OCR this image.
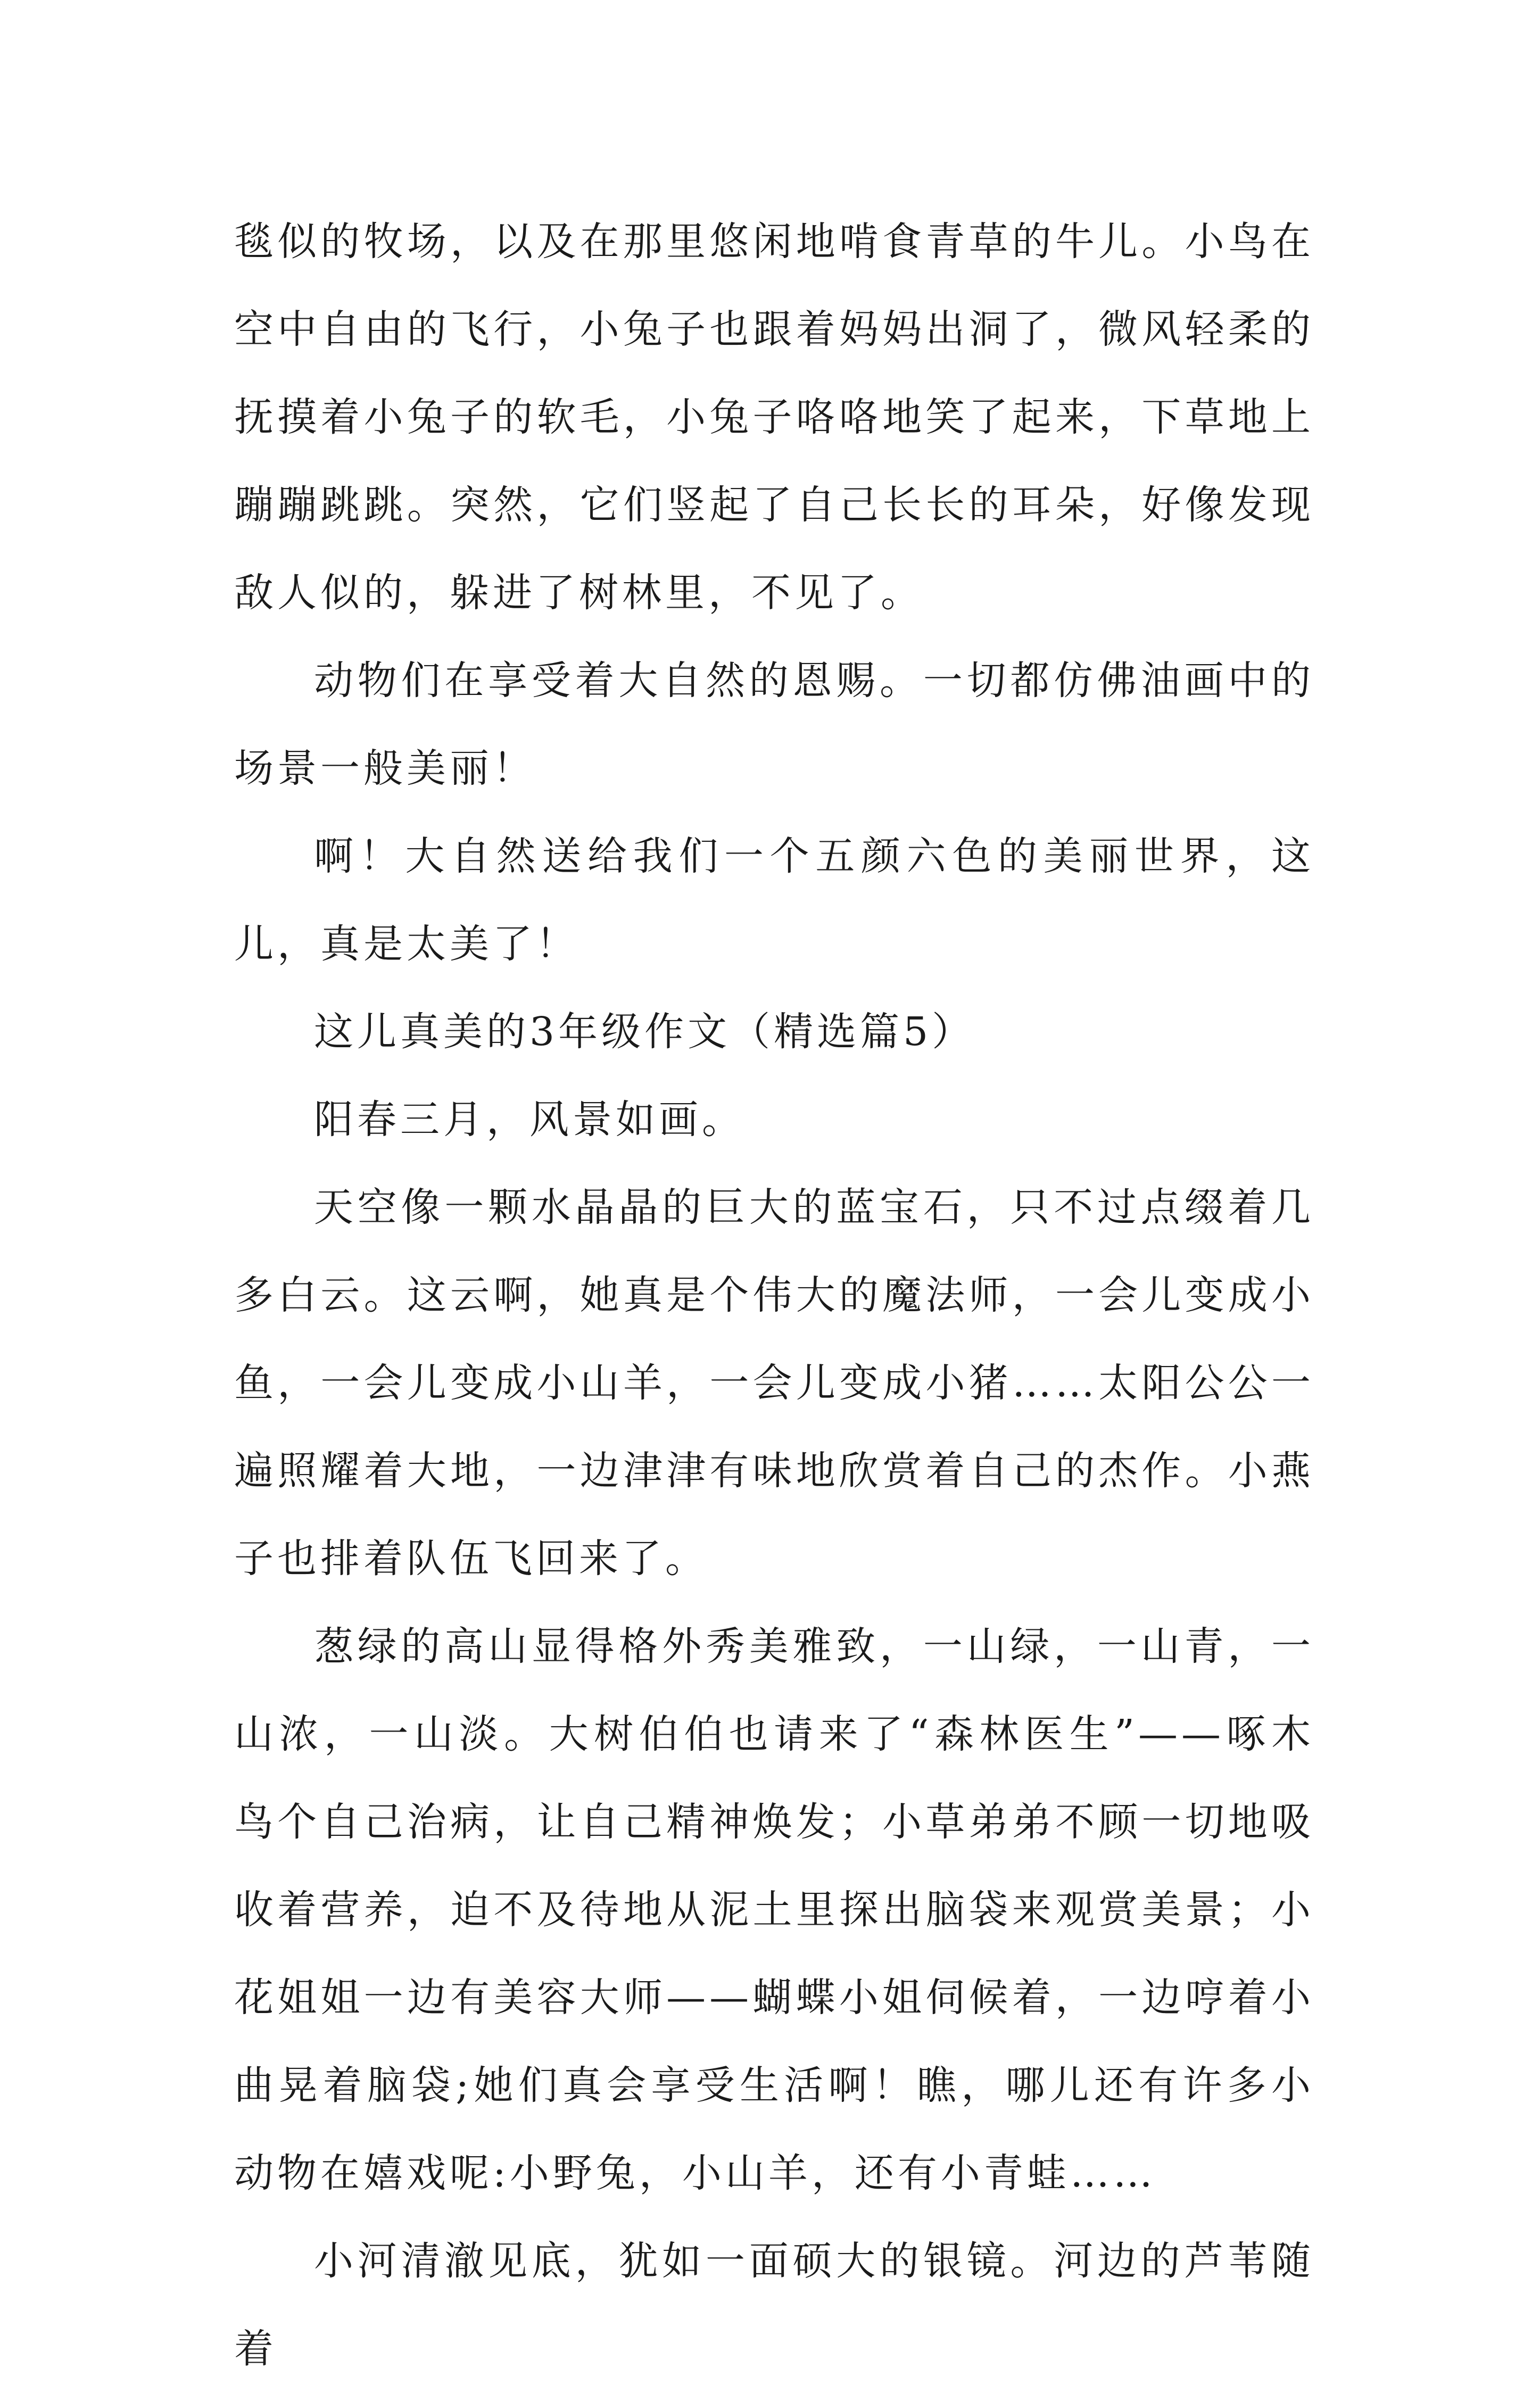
毯似的牧场，以及在那里悠闲地啃食青草的牛儿。小鸟在空中自由的飞行，小兔子也跟着妈妈出洞了，微风轻柔的抚摸着小兔子的软毛，小兔子咯咯地笑了起来，下草地上蹦蹦跳跳。突然，它们竖起了自己长长的耳朵，好像发现敌人似的，躲进了树林里，不见了。

动物们在享受着大自然的恩赐。一切都仿佛油画中的场景一般美丽！

啊！大自然送给我们一个五颜六色的美丽世界，这儿，真是太美了！

这儿真美的3年级作文（精选篇5）

阳春三月，风景如画。

天空像一颗水晶晶的巨大的蓝宝石，只不过点缀着几多白云。这云啊，她真是个伟大的魔法师，一会儿变成小鱼，一会儿变成小山羊，一会儿变成小猪……太阳公公一遍照耀着大地，一边津津有味地欣赏着自己的杰作。小燕子也排着队伍飞回来了。

葱绿的高山显得格外秀美雅致，一山绿，一山青，一山浓，一山淡。大树伯伯也请来了“森林医生”——啄木鸟个自己治病，让自己精神焕发；小草弟弟不顾一切地吸收着营养，迫不及待地从泥土里探出脑袋来观赏美景；小花姐姐一边有美容大师——蝴蝶小姐伺候着，一边哼着小曲晃着脑袋;她们真会享受生活啊！瞧，哪儿还有许多小动物在嬉戏呢:小野兔，小山羊，还有小青蛙……

小河清澈见底，犹如一面硕大的银镜。河边的芦苇随着
